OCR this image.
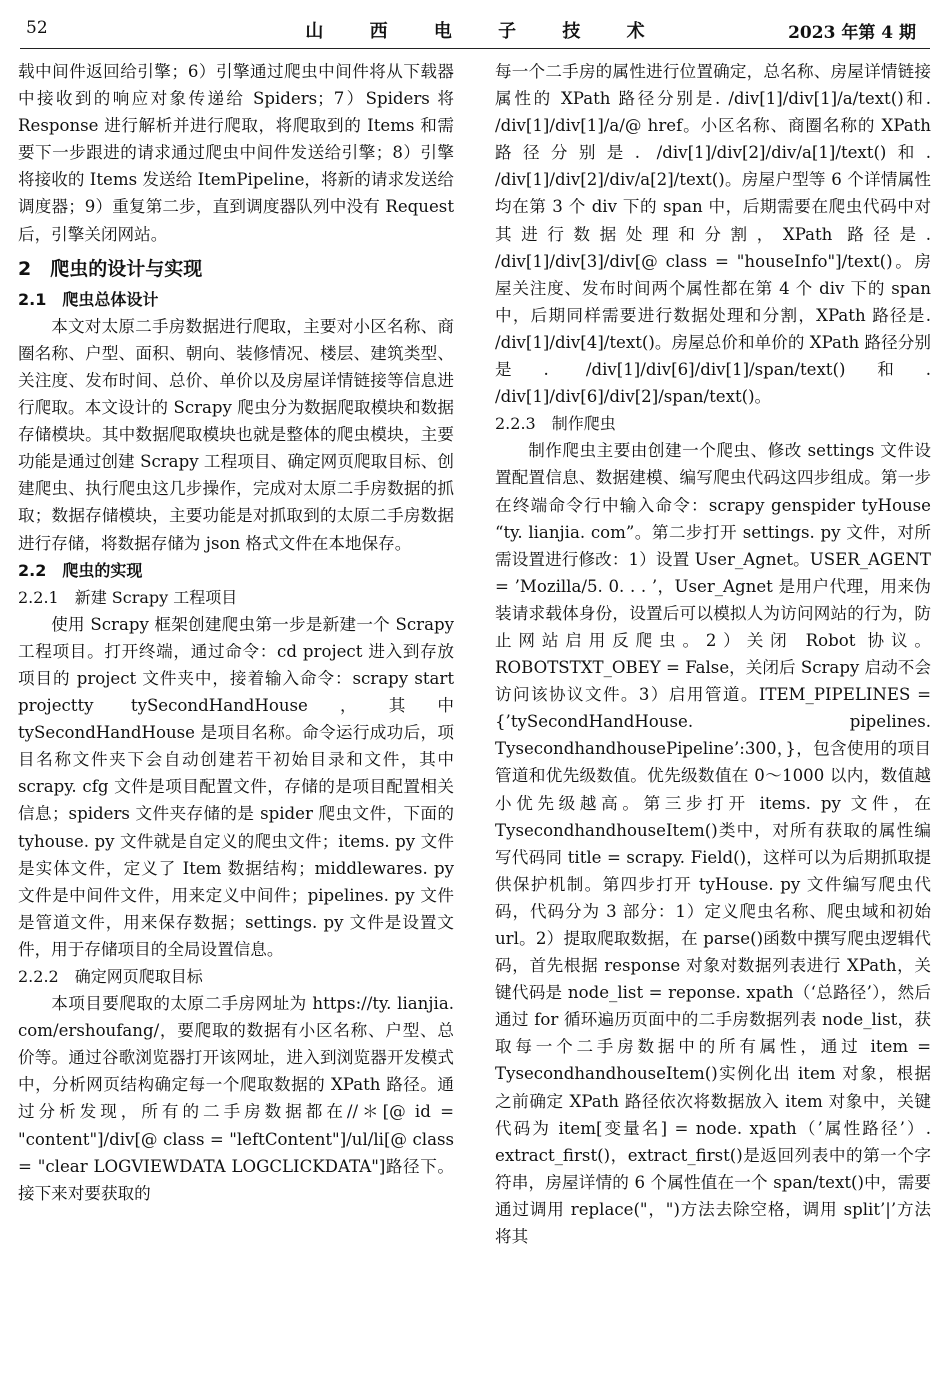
52	山 西 电 子 技 术	2023 年第 4 期

载中间件返回给引擎；6）引擎通过爬虫中间件将从下载器中接收到的响应对象传递给 Spiders；7）Spiders 将 Response 进行解析并进行爬取，将爬取到的 Items 和需要下一步跟进的请求通过爬虫中间件发送给引擎；8）引擎将接收的 Items 发送给 ItemPipeline，将新的请求发送给调度器；9）重复第二步，直到调度器队列中没有 Request 后，引擎关闭网站。

2　爬虫的设计与实现
2.1　爬虫总体设计

本文对太原二手房数据进行爬取，主要对小区名称、商圈名称、户型、面积、朝向、装修情况、楼层、建筑类型、关注度、发布时间、总价、单价以及房屋详情链接等信息进行爬取。本文设计的 Scrapy 爬虫分为数据爬取模块和数据存储模块。其中数据爬取模块也就是整体的爬虫模块，主要功能是通过创建 Scrapy 工程项目、确定网页爬取目标、创建爬虫、执行爬虫这几步操作，完成对太原二手房数据的抓取；数据存储模块，主要功能是对抓取到的太原二手房数据进行存储，将数据存储为 json 格式文件在本地保存。

2.2　爬虫的实现
2.2.1　新建 Scrapy 工程项目

使用 Scrapy 框架创建爬虫第一步是新建一个 Scrapy 工程项目。打开终端，通过命令：cd project 进入到存放项目的 project 文件夹中，接着输入命令：scrapy start projectty tySecondHandHouse，其中 tySecondHandHouse 是项目名称。命令运行成功后，项目名称文件夹下会自动创建若干初始目录和文件，其中 scrapy. cfg 文件是项目配置文件，存储的是项目配置相关信息；spiders 文件夹存储的是 spider 爬虫文件，下面的 tyhouse. py 文件就是自定义的爬虫文件；items. py 文件是实体文件，定义了 Item 数据结构；middlewares. py 文件是中间件文件，用来定义中间件；pipelines. py 文件是管道文件，用来保存数据；settings. py 文件是设置文件，用于存储项目的全局设置信息。

2.2.2　确定网页爬取目标

本项目要爬取的太原二手房网址为 https://ty. lianjia. com/ershoufang/，要爬取的数据有小区名称、户型、总价等。通过谷歌浏览器打开该网址，进入到浏览器开发模式中，分析网页结构确定每一个爬取数据的 XPath 路径。通过分析发现，所有的二手房数据都在//＊[@ id = "content"]/div[@ class = "leftContent"]/ul/li[@ class = "clear LOGVIEWDATA LOGCLICKDATA"]路径下。接下来对要获取的

每一个二手房的属性进行位置确定，总名称、房屋详情链接属性的 XPath 路径分别是. /div[1]/div[1]/a/text()和. /div[1]/div[1]/a/@ href。小区名称、商圈名称的 XPath 路径分别是. /div[1]/div[2]/div/a[1]/text()和. /div[1]/div[2]/div/a[2]/text()。房屋户型等 6 个详情属性均在第 3 个 div 下的 span 中，后期需要在爬虫代码中对其进行数据处理和分割，XPath 路径是. /div[1]/div[3]/div[@ class = "houseInfo"]/text()。房屋关注度、发布时间两个属性都在第 4 个 div 下的 span 中，后期同样需要进行数据处理和分割，XPath 路径是. /div[1]/div[4]/text()。房屋总价和单价的 XPath 路径分别是. /div[1]/div[6]/div[1]/span/text()和. /div[1]/div[6]/div[2]/span/text()。

2.2.3　制作爬虫

制作爬虫主要由创建一个爬虫、修改 settings 文件设置配置信息、数据建模、编写爬虫代码这四步组成。第一步在终端命令行中输入命令：scrapy genspider tyHouse “ty. lianjia. com”。第二步打开 settings. py 文件，对所需设置进行修改：1）设置 User_Agnet。USER_AGENT = ’Mozilla/5. 0. . . ’，User_Agnet 是用户代理，用来伪装请求载体身份，设置后可以模拟人为访问网站的行为，防止网站启用反爬虫。2）关闭 Robot 协议。ROBOTSTXT_OBEY = False，关闭后 Scrapy 启动不会访问该协议文件。3）启用管道。ITEM_PIPELINES = {’tySecondHandHouse. pipelines. TysecondhandhousePipeline’:300，}，包含使用的项目管道和优先级数值。优先级数值在 0～1000 以内，数值越小优先级越高。第三步打开 items. py 文件，在 TysecondhandhouseItem()类中，对所有获取的属性编写代码同 title = scrapy. Field()，这样可以为后期抓取提供保护机制。第四步打开 tyHouse. py 文件编写爬虫代码，代码分为 3 部分：1）定义爬虫名称、爬虫域和初始 url。2）提取爬取数据，在 parse()函数中撰写爬虫逻辑代码，首先根据 response 对象对数据列表进行 XPath，关键代码是 node_list = reponse. xpath（‘总路径’），然后通过 for 循环遍历页面中的二手房数据列表 node_list，获取每一个二手房数据中的所有属性，通过 item = TysecondhandhouseItem()实例化出 item 对象，根据之前确定 XPath 路径依次将数据放入 item 对象中，关键代码为 item[变量名] = node. xpath（’属性路径’）. extract_first()，extract_first()是返回列表中的第一个字符串，房屋详情的 6 个属性值在一个 span/text()中，需要通过调用 replace("，")方法去除空格，调用 split’|’方法将其
